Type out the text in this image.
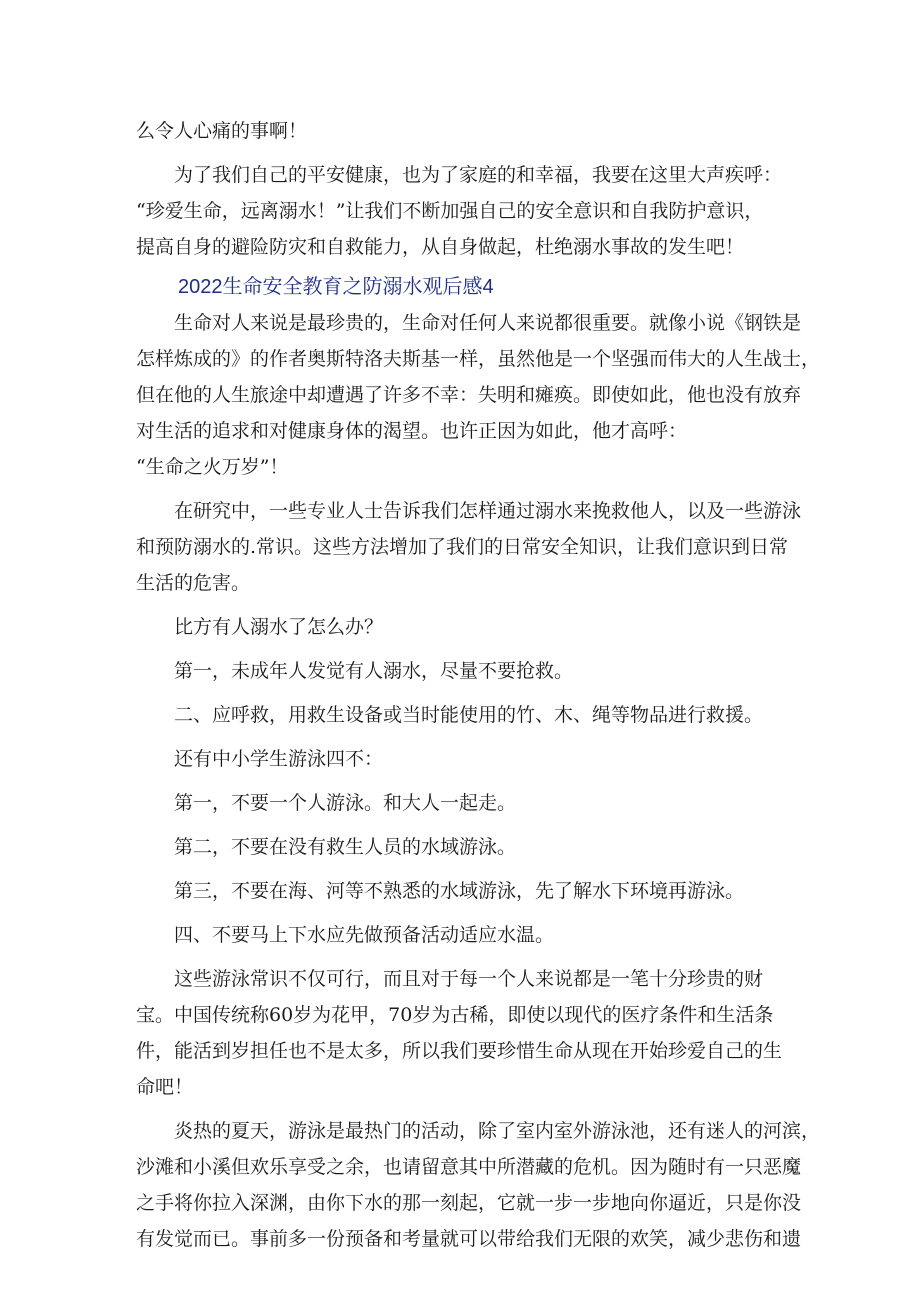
么令人心痛的事啊！

为了我们自己的平安健康，也为了家庭的和幸福，我要在这里大声疾呼：

“珍爱生命，远离溺水！”让我们不断加强自己的安全意识和自我防护意识，

提高自身的避险防灾和自救能力，从自身做起，杜绝溺水事故的发生吧！

2022生命安全教育之防溺水观后感4

生命对人来说是最珍贵的，生命对任何人来说都很重要。就像小说《钢铁是

怎样炼成的》的作者奥斯特洛夫斯基一样，虽然他是一个坚强而伟大的人生战士，

但在他的人生旅途中却遭遇了许多不幸：失明和瘫痪。即使如此，他也没有放弃

对生活的追求和对健康身体的渴望。也许正因为如此，他才高呼：

“生命之火万岁”！

在研究中，一些专业人士告诉我们怎样通过溺水来挽救他人，以及一些游泳

和预防溺水的.常识。这些方法增加了我们的日常安全知识，让我们意识到日常

生活的危害。

比方有人溺水了怎么办？

第一，未成年人发觉有人溺水，尽量不要抢救。

二、应呼救，用救生设备或当时能使用的竹、木、绳等物品进行救援。

还有中小学生游泳四不：

第一，不要一个人游泳。和大人一起走。

第二，不要在没有救生人员的水域游泳。

第三，不要在海、河等不熟悉的水域游泳，先了解水下环境再游泳。

四、不要马上下水应先做预备活动适应水温。

这些游泳常识不仅可行，而且对于每一个人来说都是一笔十分珍贵的财

宝。中国传统称60岁为花甲，70岁为古稀，即使以现代的医疗条件和生活条

件，能活到岁担任也不是太多，所以我们要珍惜生命从现在开始珍爱自己的生

命吧！

炎热的夏天，游泳是最热门的活动，除了室内室外游泳池，还有迷人的河滨，

沙滩和小溪但欢乐享受之余，也请留意其中所潜藏的危机。因为随时有一只恶魔

之手将你拉入深渊，由你下水的那一刻起，它就一步一步地向你逼近，只是你没

有发觉而已。事前多一份预备和考量就可以带给我们无限的欢笑，减少悲伤和遗
